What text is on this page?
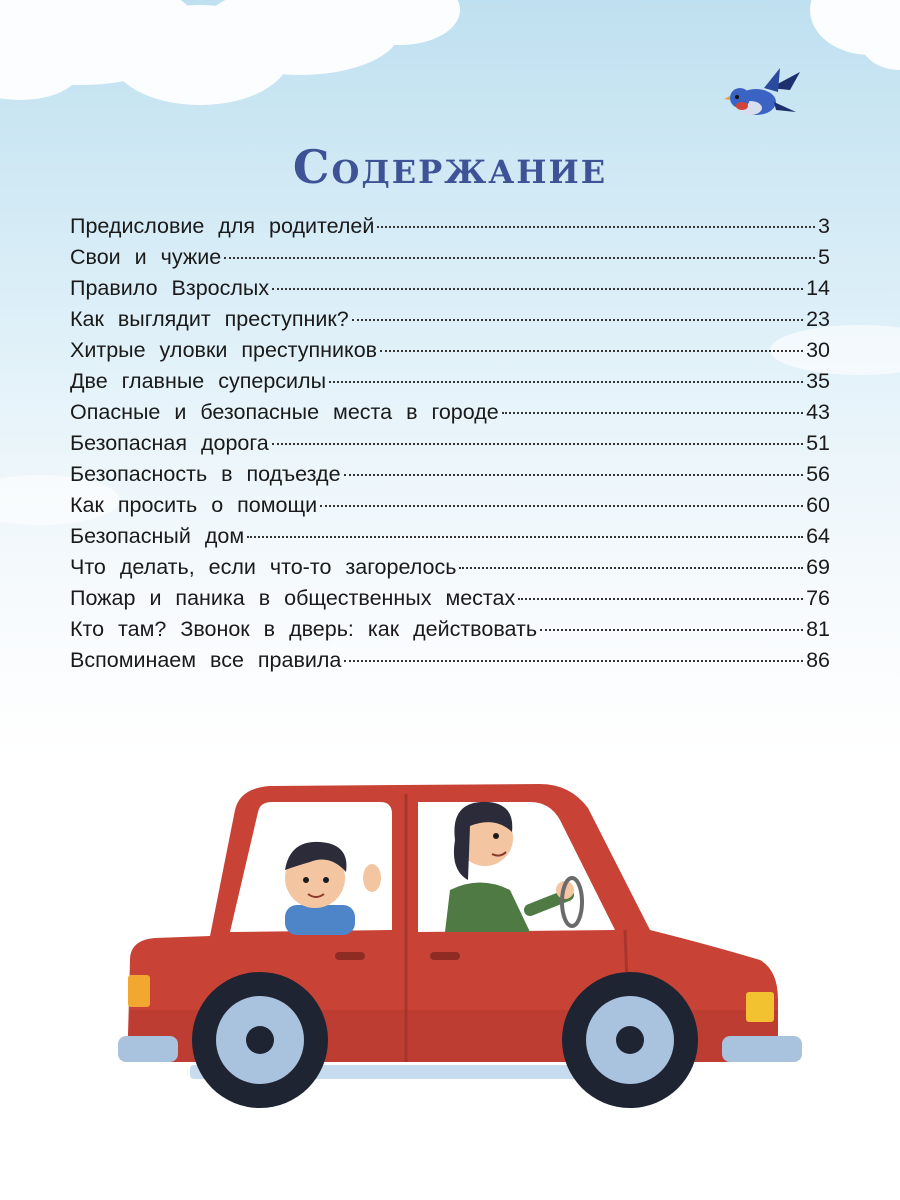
Содержание
Предисловие для родителей	3
Свои и чужие	5
Правило Взрослых	14
Как выглядит преступник?	23
Хитрые уловки преступников	30
Две главные суперсилы	35
Опасные и безопасные места в городе	43
Безопасная дорога	51
Безопасность в подъезде	56
Как просить о помощи	60
Безопасный дом	64
Что делать, если что-то загорелось	69
Пожар и паника в общественных местах	76
Кто там? Звонок в дверь: как действовать	81
Вспоминаем все правила	86
